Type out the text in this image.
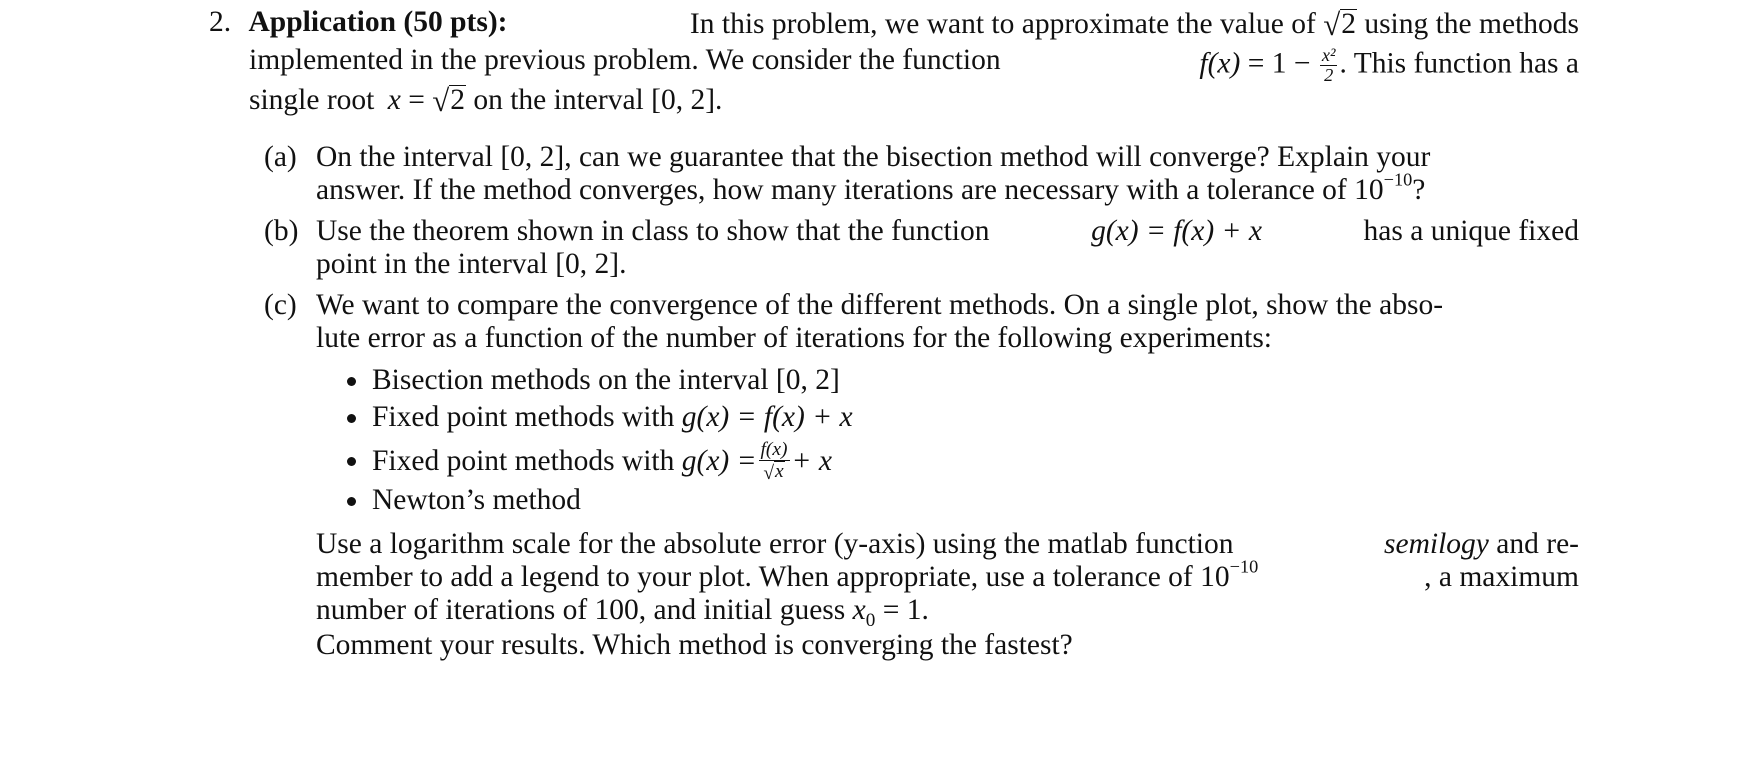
2. Application (50 pts):	In this problem, we want to approximate the value of √2 using the methods
implemented in the previous problem. We consider the function	$f(x) = 1 - \frac{\text{x²}}{2}$ . This function has a
single root x = √2 on the interval [0, 2].
(a) On the interval [0, 2], can we guarantee that the bisection method will converge? Explain your
answer. If the method converges, how many iterations are necessary with a tolerance of $10^{-10}$?
(b) Use the theorem shown in class to show that the function	g(x) = f(x) + x	has a unique fixed
point in the interval [0, 2].
(c) We want to compare the convergence of the different methods. On a single plot, show the abso-
lute error as a function of the number of iterations for the following experiments:
Bisection methods on the interval [0, 2]
Fixed point methods with g(x) = f(x) + x
Fixed point methods with
$g(x) = \frac{f(x)}{√x} + x$
Newton’s method
Use a logarithm scale for the absolute error (y-axis) using the matlab function	semilogy and re-
member to add a legend to your plot. When appropriate, use a tolerance of $10^{-10}$	, a maximum
number of iterations of 100, and initial guess $x_0 = 1$.
Comment your results. Which method is converging the fastest?
